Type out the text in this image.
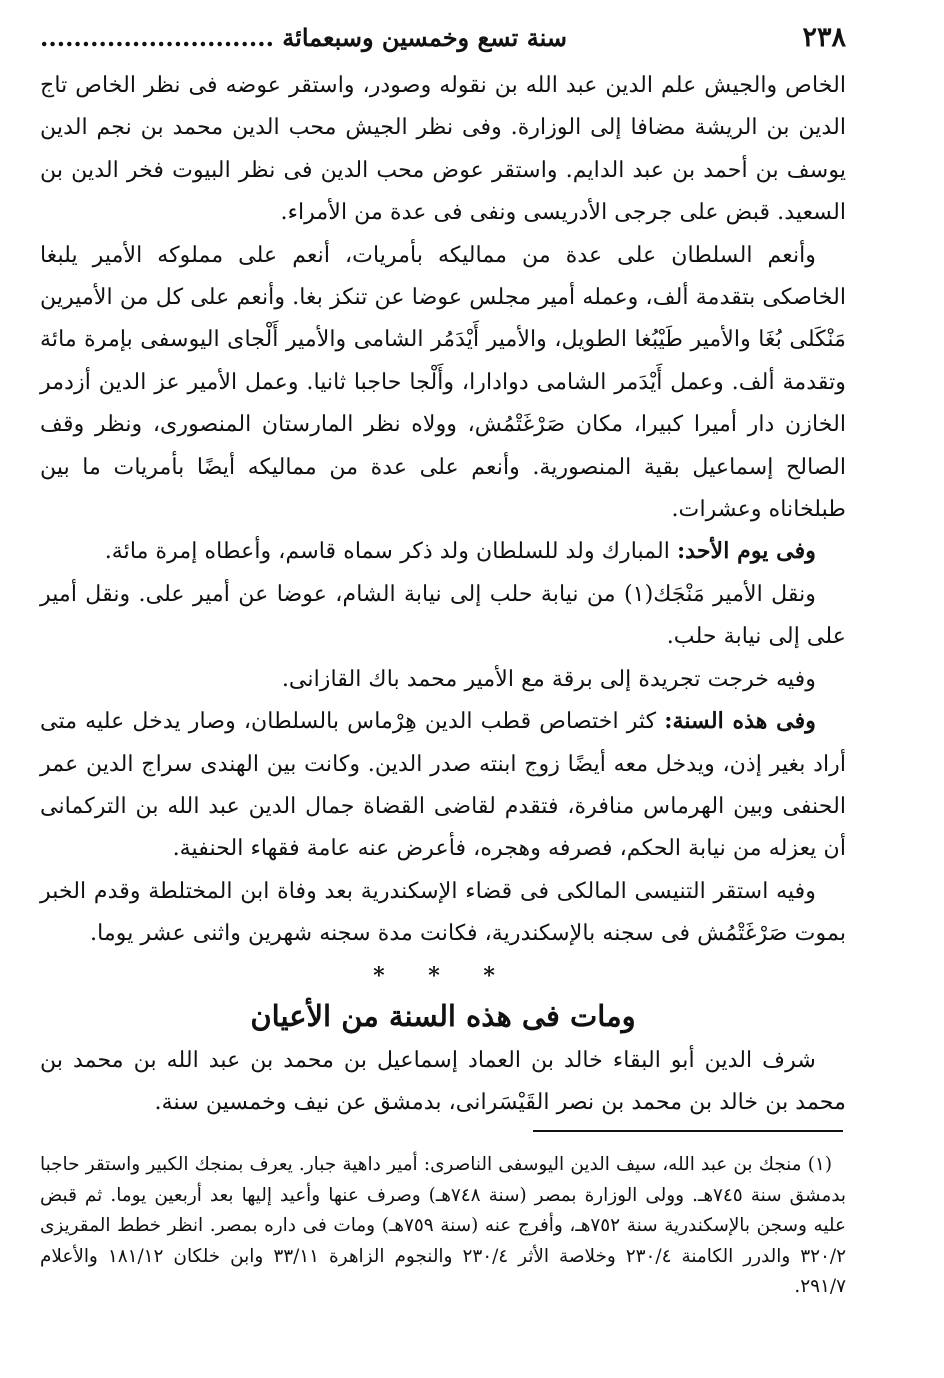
٢٣٨
سنة تسع وخمسين وسبعمائة ............................

الخاص والجيش علم الدين عبد الله بن نقوله وصودر، واستقر عوضه فى نظر الخاص تاج الدين بن الريشة مضافا إلى الوزارة. وفى نظر الجيش محب الدين محمد بن نجم الدين يوسف بن أحمد بن عبد الدايم. واستقر عوض محب الدين فى نظر البيوت فخر الدين بن السعيد. قبض على جرجى الأدريسى ونفى فى عدة من الأمراء.

وأنعم السلطان على عدة من مماليكه بأمريات، أنعم على مملوكه الأمير يلبغا الخاصكى بتقدمة ألف، وعمله أمير مجلس عوضا عن تنكز بغا. وأنعم على كل من الأميرين مَنْكَلى بُغَا والأمير طَيْبُغا الطويل، والأمير أَيْدَمُر الشامى والأمير أَلْجاى اليوسفى بإمرة مائة وتقدمة ألف. وعمل أَيْدَمر الشامى دوادارا، وأَلْجا حاجبا ثانيا. وعمل الأمير عز الدين أزدمر الخازن دار أميرا كبيرا، مكان صَرْغَتْمُش، وولاه نظر المارستان المنصورى، ونظر وقف الصالح إسماعيل بقية المنصورية. وأنعم على عدة من مماليكه أيضًا بأمريات ما بين طبلخاناه وعشرات.

وفى يوم الأحد: المبارك ولد للسلطان ولد ذكر سماه قاسم، وأعطاه إمرة مائة.

ونقل الأمير مَنْجَك(١) من نيابة حلب إلى نيابة الشام، عوضا عن أمير على. ونقل أمير على إلى نيابة حلب.

وفيه خرجت تجريدة إلى برقة مع الأمير محمد باك القازانى.

وفى هذه السنة: كثر اختصاص قطب الدين هِرْماس بالسلطان، وصار يدخل عليه متى أراد بغير إذن، ويدخل معه أيضًا زوج ابنته صدر الدين. وكانت بين الهندى سراج الدين عمر الحنفى وبين الهرماس منافرة، فتقدم لقاضى القضاة جمال الدين عبد الله بن التركمانى أن يعزله من نيابة الحكم، فصرفه وهجره، فأعرض عنه عامة فقهاء الحنفية.

وفيه استقر التنيسى المالكى فى قضاء الإسكندرية بعد وفاة ابن المختلطة وقدم الخبر بموت صَرْغَتْمُش فى سجنه بالإسكندرية، فكانت مدة سجنه شهرين واثنى عشر يوما.

* * *
ومات فى هذه السنة من الأعيان

شرف الدين أبو البقاء خالد بن العماد إسماعيل بن محمد بن عبد الله بن محمد بن محمد بن خالد بن محمد بن نصر القَيْسَرانى، بدمشق عن نيف وخمسين سنة.

(١) منجك بن عبد الله، سيف الدين اليوسفى الناصرى: أمير داهية جبار. يعرف بمنجك الكبير واستقر حاجبا بدمشق سنة ٧٤٥هـ. وولى الوزارة بمصر (سنة ٧٤٨هـ) وصرف عنها وأعيد إليها بعد أربعين يوما. ثم قبض عليه وسجن بالإسكندرية سنة ٧٥٢هـ، وأفرج عنه (سنة ٧٥٩هـ) ومات فى داره بمصر. انظر خطط المقريزى ٣٢٠/٢ والدرر الكامنة ٢٣٠/٤ وخلاصة الأثر ٢٣٠/٤ والنجوم الزاهرة ٣٣/١١ وابن خلكان ١٨١/١٢ والأعلام ٢٩١/٧.
